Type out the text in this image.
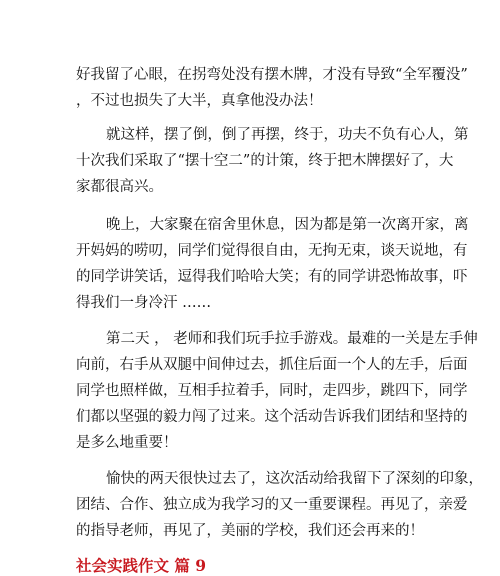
好我留了心眼，在拐弯处没有摆木牌，才没有导致“全军覆没”
，不过也损失了大半，真拿他没办法！
就这样，摆了倒，倒了再摆，终于，功夫不负有心人，第
十次我们采取了“摆十空二”的计策，终于把木牌摆好了，大
家都很高兴。
晚上，大家聚在宿舍里休息，因为都是第一次离开家，离
开妈妈的唠叨，同学们觉得很自由，无拘无束，谈天说地，有
的同学讲笑话，逗得我们哈哈大笑；有的同学讲恐怖故事，吓
得我们一身冷汗 ……
第二天 ， 老师和我们玩手拉手游戏。最难的一关是左手伸
向前，右手从双腿中间伸过去，抓住后面一个人的左手，后面
同学也照样做，互相手拉着手，同时，走四步，跳四下，同学
们都以坚强的毅力闯了过来。这个活动告诉我们团结和坚持的
是多么地重要！
愉快的两天很快过去了，这次活动给我留下了深刻的印象，
团结、合作、独立成为我学习的又一重要课程。再见了，亲爱
的指导老师，再见了，美丽的学校，我们还会再来的！
社会实践作文 篇 9
